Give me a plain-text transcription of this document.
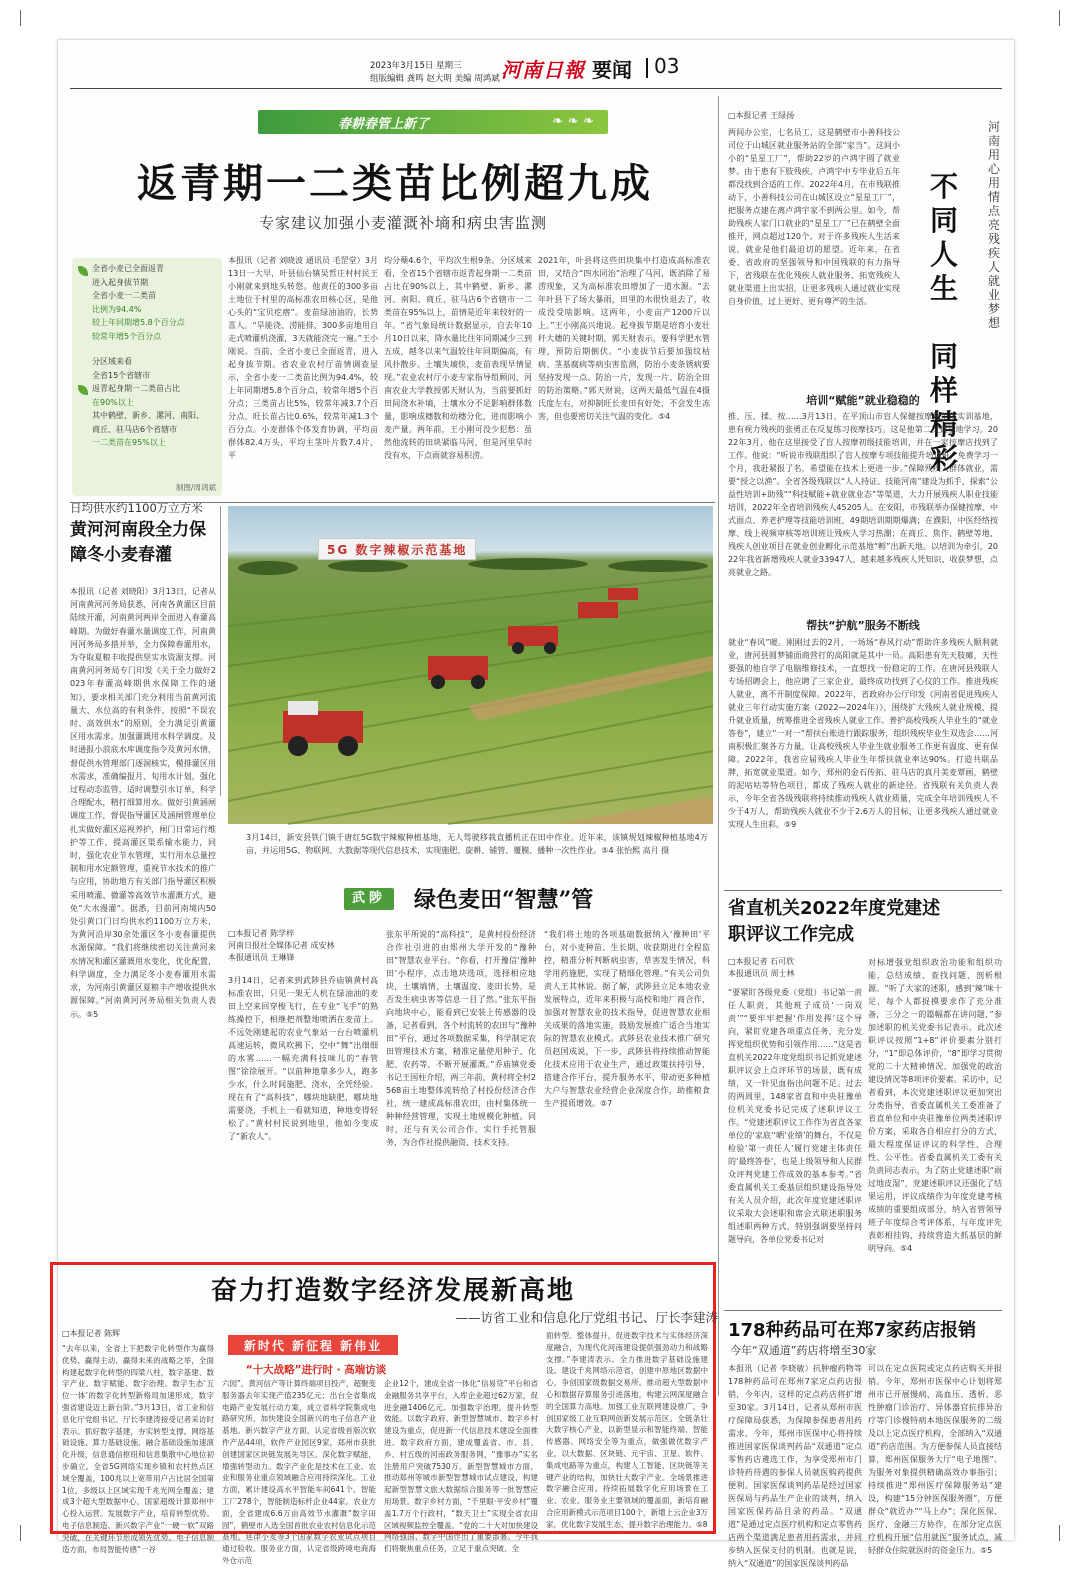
2023年3月15日 星期三
组版编辑 龚鸣 赵大明 美编 周鸿斌 河南日報 要闻 03
春耕春管上新了	❧ ❧ ❧
返青期一二类苗比例超九成
专家建议加强小麦灌溉补墒和病虫害监测
全省小麦已全面返青
进入起身拔节期
全省小麦一二类苗
比例为94.4%
较上年同期增5.8个百分点
较常年增5个百分点
分区域来看
全省15个省辖市
返青起身期一二类苗占比
在90%以上
其中鹤壁、新乡、漯河、南阳、
商丘、驻马店6个省辖市
一二类苗在95%以上
制图/周鸿斌
本报讯（记者 刘晓波 通讯员 毛罡堂）3月13日一大早，叶县仙台镇吴哲庄村村民王小刚就来到地头转悠。他责任的300多亩土地位于村里的高标准农田核心区，是他心头的“宝贝疙瘩”。麦苗绿油油的，长势喜人。“旱能浇、涝能排，300多亩地用自走式喷灌机浇灌，3天就能浇完一遍。”王小刚说。当前，全省小麦已全面返青，进入起身拔节期。省农业农村厅苗情调查显示，全省小麦一二类苗比例为94.4%，较上年同期增5.8个百分点，较常年增5个百分点；三类苗占比5%，较常年减3.7个百分点，旺长苗占比0.6%，较常年减1.3个百分点。小麦群体个体发育协调，平均亩群体82.4万头，平均主茎叶片数7.4片，平
均分蘖4.6个，平均次生根9条。分区域来看，全省15个省辖市返青起身期一二类苗占比在90%以上，其中鹤壁、新乡、漯河、南阳、商丘、驻马店6个省辖市一二类苗在95%以上，苗情是近年来较好的一年。“省气象局统计数据显示，自去年10月10日以来，降水量比往年同期减少三到五成，越冬以来气温较往年同期偏高，有风扑散步。土壤失墒快，麦苗表现早情显现。”农业农村厅小麦专家指导组顾问、河南农业大学教授郭天财认为，当前要抓好田间浇水补墒，土壤水分不足影响群体数量，影响成穗数和幼穗分化，进而影响小麦产量。两年前，王小刚可没少犯愁：虽然他流转的田块紧临马河，但是河里旱时没有水，下点雨就容易积涝。
2021年，叶县将这些田块集中打造成高标准农田，又结合“四水同治”治理了马河，既消除了易涝现象，又为高标准农田增加了一道水源。“去年叶县下了场大暴雨，田里的水很快退去了，收成没受啥影响。这两年，小麦亩产1200斤以上。”王小刚高兴地说。起身拔节期是培育小麦壮秆大穗的关键时期，郭天财表示，要科学肥水管理，预防后期倒伏。“小麦拔节后要加强纹枯病、茎基腐病等病虫害监测，防治小麦条锈病要坚持发现一点、防治一片，发现一片、防治全田的防治策略。”郭天财说，这两天最低气温在4摄氏度左右，对抑制旺长麦田有好处，不会发生冻害，但也要密切关注气温的变化。⑤4
日均供水约1100万立方米
黄河河南段全力保障冬小麦春灌
本报讯（记者 刘晓阳）3月13日，记者从河南黄河河务局获悉，河南各黄灌区目前陆续开灌，河南黄河两岸全面进入春灌高峰期。为做好春灌水量调度工作，河南黄河河务局多措并举，全力保障春灌用水，为夺取夏粮丰收提供坚实水资源支撑。河南黄河河务局专门印发《关于全力做好2023年春灌高峰期供水保障工作的通知》，要求相关部门充分利用当前黄河流量大、水位高的有利条件，按照“不误农时、高效供水”的原则，全力满足引黄灌区用水需求。加强灌溉用水科学调度。及时通报小浪底水库调度指令及黄河水情，督促供水管理部门逐洞核实，模排灌区用水需求，准确编报月、旬用水计划，强化过程动态监管，适时调整引水订单，科学合理配水，精打细算用水。做好引黄涵闸调度工作，督促指导灌区及涵闸管理单位扎实做好灌区巡视养护，闸门日常运行维护等工作，提高灌区渠系输水能力，同时，强化农业节水管理，实行用水总量控制和用水定额管理，重视节水技术的推广与应用，协助地方有关部门指导灌区积极采用喷灌、微灌等高效节水灌溉方式，避免“大水漫灌”。据悉，目前河南境内50处引黄口门日均供水约1100万立方米，为黄河沿岸30余处灌区冬小麦春灌提供水源保障。“我们将继续密切关注黄河来水情况和灌区灌溉用水变化，优化配置，科学调度，全力满足冬小麦春灌用水需求，为河南引黄灌区夏粮丰产增收提供水源保障。”河南黄河河务局相关负责人表示。⑤5
5G 数字辣椒示范基地
3月14日，新安县铁门镇千唐红5G数字辣椒种植基地，无人驾驶移栽直播机正在田中作业。近年来，该镇规划辣椒种植基地4万亩，并运用5G、物联网、大数据等现代信息技术，实现施肥、旋耕、铺管、覆膜、播种一次性作业。⑤4 张怡熙 高月 摄
武陟	绿色麦田“智慧”管
□本报记者 陈学梓
河南日报社全媒体记者 成安林
本报通讯员 王琳锋
3月14日，记者来到武陟县乔庙镇黄村高标准农田，只见一架无人机在绿油油的麦田上空来回穿梭飞行，在专业“飞手”的熟练操控下，相继把剂整地喷洒在麦苗上。不远处刚建起的农业气象站一台台喷灌机高速运转，微风吹拂下，空中“舞”出细细的水雾……一幅充满科技味儿的“春管图”徐徐展开。“以前种地靠多少人，跑多少水，什么时间施肥、浇水，全凭经验。现在有了“高科技”，哪块地缺肥，哪块地需要浇，手机上一看就知道，种地变得轻松了。”黄村村民说到地里，他如今变成了“新农人”。
张东平所说的“高科技”，是黄村投份经济合作社引进的由郑州大学开发的“豫种田”智慧农业平台。“你看，打开豫信‘豫种田’小程序，点击地块选项，选择相应地块，土壤墒情、土壤温度、麦田长势，是否发生病虫害等信息一目了然。”张东平指向地块中心，能看到已安装上传感器的设备，记者看到，各个村流转的农田与“豫种田”平台，通过各项数据采集，科学制定农田管理技术方案，精准定量使用种子、化肥、农药等，不断开展灌溉。”乔庙镇党委书记王国柱介绍，两三年前，黄村将全村2568亩土地整体流转给了村投份经济合作社，统一建成高标准农田，由村集体统一种种经营管理，实现土地规模化种植。同时，还与有关公司合作，实行手托管服务，为合作社提供融资、技术支持。
“我们将土地的各项基础数据纳入‘豫种田’平台，对小麦种苗、生长期、收获期进行全程监控，精准分析判断病虫害，草害发生情况，科学用药施肥，实现了精细化管理。”有关公司负责人王其林说。据了解，武陟县立足本地农业发展特点，近年来积极与高校和地厂商合作，加强对智慧农业的技术指导，促进智慧农业相关成果的落地实施，鼓励发展推广适合当地实际的智慧农业模式。武陟县农业技术推广研究员赵国成说，下一步，武陟县将持续推动智能化技术应用于农业生产，通过政策扶持引导，搭建合作平台，提升服务水平，带动更多种植大户与智慧农业经营企业深度合作，助推粮食生产提质增效。⑤7
□本报记者 王绿扬
两间办公室，七名员工，这是鹤壁市小善科技公司位于山城区就业服务站的全部“家当”。这间小小的“星星工厂”，帮助22岁的卢鸿宇圆了就业梦。由于患有下肢残疾，卢鸿宇中专毕业后五年都没找到合适的工作。2022年4月，在市残联推动下，小善科技公司在山城区设立“星星工厂”，把服务点建在离卢鸿宇家不到两公里。如今，帮助残疾人家门口就业的“星星工厂”已在鹤壁全面推开，网点超过120个。对于许多残疾人生活来说，就业是他们最迫切的愿望。近年来，在省委、省政府的坚强领导和中国残联的有力指导下，省残联在优化残疾人就业服务、拓宽残疾人就业渠道上出实招，让更多残疾人通过就业实现自身价值，过上更好、更有尊严的生活。
河南用心用情点亮残疾人就业梦想
不同人生
同样精彩
培训“赋能”就业稳稳的
推、压、揉、按……3月13日，在平顶山市盲人保健按摩规范化实训基地，患有视力残疾的张勇正在反复练习按摩技巧。这是他第二次到基地学习。2022年3月，他在这里接受了盲人按摩初级技能培训，并在一家按摩店找到了工作。他说：“听说市残联组织了盲人按摩专项技能提升培训班，免费学习一个月，我赶紧报了名，希望能在技术上更进一步。”保障残疾人群体就业，需要“授之以渔”。全省各级残联以“人人持证、技能河南”建设为抓手，探索“公益性培训+助残”“科技赋能+就业就业态”等渠道，大力开展残疾人职业技能培训，2022年全省培训残疾人45205人。在安阳，市残联举办保健按摩、中式面点、养老护理等技能培训班，49期培训期期爆满；在濮阳，中医经络按摩、线上视频审核等培训班让残疾人学习热潮；在商丘、焦作、鹤壁等地，残疾人创业项目在就业创业孵化示范基地“孵”出新天地。以培训为牵引，2022年我省新增残疾人就业33947人，越来越多残疾人凭知识、收获梦想，点亮就业之路。
帮扶“护航”服务不断线
就业“春风”暖。刚刚过去的2月，一场场“春风行动”帮助许多残疾人顺利就业，唐河县圆梦铺面商营打的高阳就是其中一员。高阳患有先天肢瘫，天性要强的他自学了电脑维修技术，一直想找一份稳定的工作。在唐河县残联人专场招聘会上，他应聘了三家企业，最终成功找到了心仪的工作。推进残疾人就业，离不开制度保障。2022年，省政府办公厅印发《河南省促进残疾人就业三年行动实施方案（2022—2024年）》，围绕扩大残疾人就业规模、提升就业质量，统筹推进全省残疾人就业工作。普护高校残疾人毕业生的“就业答卷”，建立“一对一”帮扶台账进行跟踪服务，组织残疾毕业生双选会……河南积极汇聚各方力量，让高校残疾人毕业生就业服务工作更有温度、更有保障。2022年，我省应届残疾人毕业生年帮扶就业率达90%。打造共联品牌，拓宽就业渠道。如今，郑州的金石传拓、驻马店的真月美麦覃画，鹤壁的泥咕咕等特色项目，都成了残疾人就业的新途径。省残联有关负责人表示，今年全省各级残联将持续推动残疾人就业质量，完成全年培训残疾人不少于4万人，帮助残疾人就业不少于2.6万人的目标，让更多残疾人通过就业实现人生出彩。⑤9
省直机关2022年度党建述职评议工作完成
□本报记者 石可欣
本报通讯员 周士林
“要紧盯各级党委（党组）书记第一责任人职责，其他班子成员‘一岗双责’”“要牢牢把握‘作用发挥’这个导向，紧盯党建各项重点任务，充分发挥党组织优势和引领作用……”这是省直机关2022年度党组织书记抓党建述职评议会上点评环节的场景，既有成绩，又一针见血指出问题不足。过去的两周里，148家省直和中央驻豫单位机关党委书记完成了述职评议工作。“党建述职评议工作作为省直各家单位的‘家底’‘晒’业绩’的舞台，不仅是检验‘第一责任人’履行党建主体责任的‘最终答卷’，也是上级领导和人民群众评判党建工作成效的基本参考。”省委直属机关工委基层组织建设指导处有关人员介绍，此次年度党建述职评议采取大会述职和席会式联述职服务组述职两种方式，特别强调要坚持问题导向，各单位党委书记对
对标增强党组织政治功能和组织功能，总结成绩、查找问题、剖析根源。“听了大家的述职，感到‘辣’味十足，每个人都捉摸要求作了充分准备，三分之一的篇幅都在讲问题，”参加述职的机关党委书记表示。此次述职评议按照“1+8”评价要素分别打分，“1”即总体评价，“8”即学习贯彻党的二十大精神情况、加强党的政治建设情况等8项评价要素。采访中，记者看到，本次党建述职评议更加突出分类指导，省委直属机关工委准备了省直单位和中央驻豫单位两类述职评价方案，采取各自相应打分的方式，最大程度保证评议的科学性、合理性、公平性。省委直属机关工委有关负责同志表示，为了防止党建述职“雨过地皮湿”，党建述职评议还强化了结果运用，评议成绩作为年度党建考核成绩的重要组成部分，纳入省管领导班子年度综合考评体系，与年度评先表彰相挂钩，持续营造大抓基层的鲜明导向。⑤4
178种药品可在郑7家药店报销
今年“双通道”药店将增至30家
本报讯（记者 李晓敏）抗肿瘤药物等178种药品可在郑州7家定点药店报销，今年内，这样的定点药店将扩增至30家。3月14日，记者从郑州市医疗保障局获悉，为保障参保患者用药需求，今年，郑州市医保中心将持续推进国家医保谈判药品“双通道”定点零售药店遴选工作，为享受郑州市门诊特药待遇的参保人员就医购药提供便利。国家医保谈判药品是经过国家医保局与药品生产企业的谈判，纳入国家医保药品目录的药品。“双通道”是通过定点医疗机构和定点零售药店两个渠道满足患者用药需求，并同步纳入医保支付的机制。也就是说，纳入“双通道”的国家医保谈判药品
可以在定点医院或定点药店购买并报销。今年，郑州市医保中心计划将郑州市已开展慢病、高血压、透析、恶性肿瘤门诊治疗、异体器官抗排异治疗等门诊慢特病本地医保服务的二级及以上定点医疗机构，全部纳入“双通道”药店范围。为方便参保人员直接结算，郑州医保服务大厅“电子地图”。为服务对象提供精确高效办事指引；持续推进“郑州医疗保障服务站”建设，构建“15分钟医保服务圈”，方便群众“就近办”“马上办”；深化医保、医疗、金融三方协作，在部分定点医疗机构开展“信用就医”服务试点，减轻群众住院就医时的资金压力。⑤5
奋力打造数字经济发展新高地
——访省工业和信息化厅党组书记、厅长李建涛
□本报记者 陈辉
新时代 新征程 新伟业
“十大战略”进行时 · 高端访谈
“去年以来，全省上下把数字化转型作为赢得优势、赢得主动、赢得未来的战略之举，全面构建起数字化转型的四梁八柱，数字基建、数字产业、数字赋能、数字治理、数字生态‘五位一体’的数字化转型新格局加速形成，数字强省建设迈上新台阶。”3月13日，省工业和信息化厅党组书记、厅长李建涛接受记者采访时表示。抓好数字基建，夯实转型支撑。网络基础设施、算力基础设施、融合基础设施加速演化升级，信息通信枢纽和信息集散中心地位初步确立。全省5G网络实现乡镇和农村热点区域全覆盖，100兆以上宽带用户占比居全国第1位，多级以上区域实现千兆光网全覆盖；建成3个超大型数据中心，国家超级计算郑州中心投入运营。发展数字产业，培育转型优势。电子信息制造、新兴数字产业“一硬一软”双路突破，在关键环节形成领先优势。电子信息制造方面，布局智能传感“一谷
六园”，黄河信产等计算终端项目投产，超聚变服务器去年实现产值235亿元；出台全省集成电路产业发展行动方案，成立省科学院集成电路研究所，加快建设全国新兴的电子信息产业基地。新兴数字产业方面，认定省级首版次软件产品44项，软件产业园区9家，郑州市获批创建国家区块链发展先导区。深化数字赋能，增强转型动力。数字产业化是技术在工业、农业和服务业重点领域融合应用持续深化。工业方面，累计建设高水平智能车间641个、智能工厂278个，智能制造标杆企业44家。农业方面，全省建成6.6万亩高效节水灌溉“数字田园”，鹤壁市入选全国首批农业农村信息化示范基地，延津小麦等3个国家数字农业试点项目通过验收。服务业方面，认定省级跨境电商海外仓示范
企业12个，建成全省一体化“信易贷”平台和省金融服务共享平台，入库企业超过62万家，促进金融1406亿元。加强数字治理，提升转型效能。以数字政府、新型智慧城市、数字乡村建设为重点，促进新一代信息技术建设全面推进。数字政府方面，建成覆盖省、市、县、乡、村五级的河南政务服务网，“豫事办”实名注册用户突破7530万。新型智慧城市方面，推动郑州等城市新型智慧城市试点建设，构建起新型智慧文旅大数据综合服务等一批智慧应用场景。数字乡村方面，“千里眼·平安乡村”覆盖1.7万个行政村，“数天卫士”实现全省农田区域视频监控全覆盖。“党的二十大对加快建设网络强国、数字中国作出了重要部署。今年我们将聚焦重点任务，立足于重点突破、全
面转型、整体提升，促进数字技术与实体经济深度融合，为现代化河南建设提供强劲动力和战略支撑。”李建涛表示。全力推进数字基础设施建设。建设千兆网络示范省，创建中原地区数据中心，争创国家级数据交易所。推动超大型数据中心和数据存算服务引进落地，构建云网深度融合的全国算力高地。加强工业互联网建设推广，争创国家级工业互联网创新发展示范区。全链条壮大数字核心产业，以新型显示和智能终端、智能传感器、网络安全等为重点，做强做优数字产业，以大数据、区块链、元宇宙、卫星、软件、集成电路等为重点，构建人工智能、区块链等关键产业的结构，加快壮大数字产业。全场景推进数字融合应用。持续拓展数字化应用场景在工业、农业、服务业主要领域的覆盖面，新培育融合应用新模式示范项目100个，新增上云企业3万家，优化数字发展生态，提升数字治理能力。⑤8
